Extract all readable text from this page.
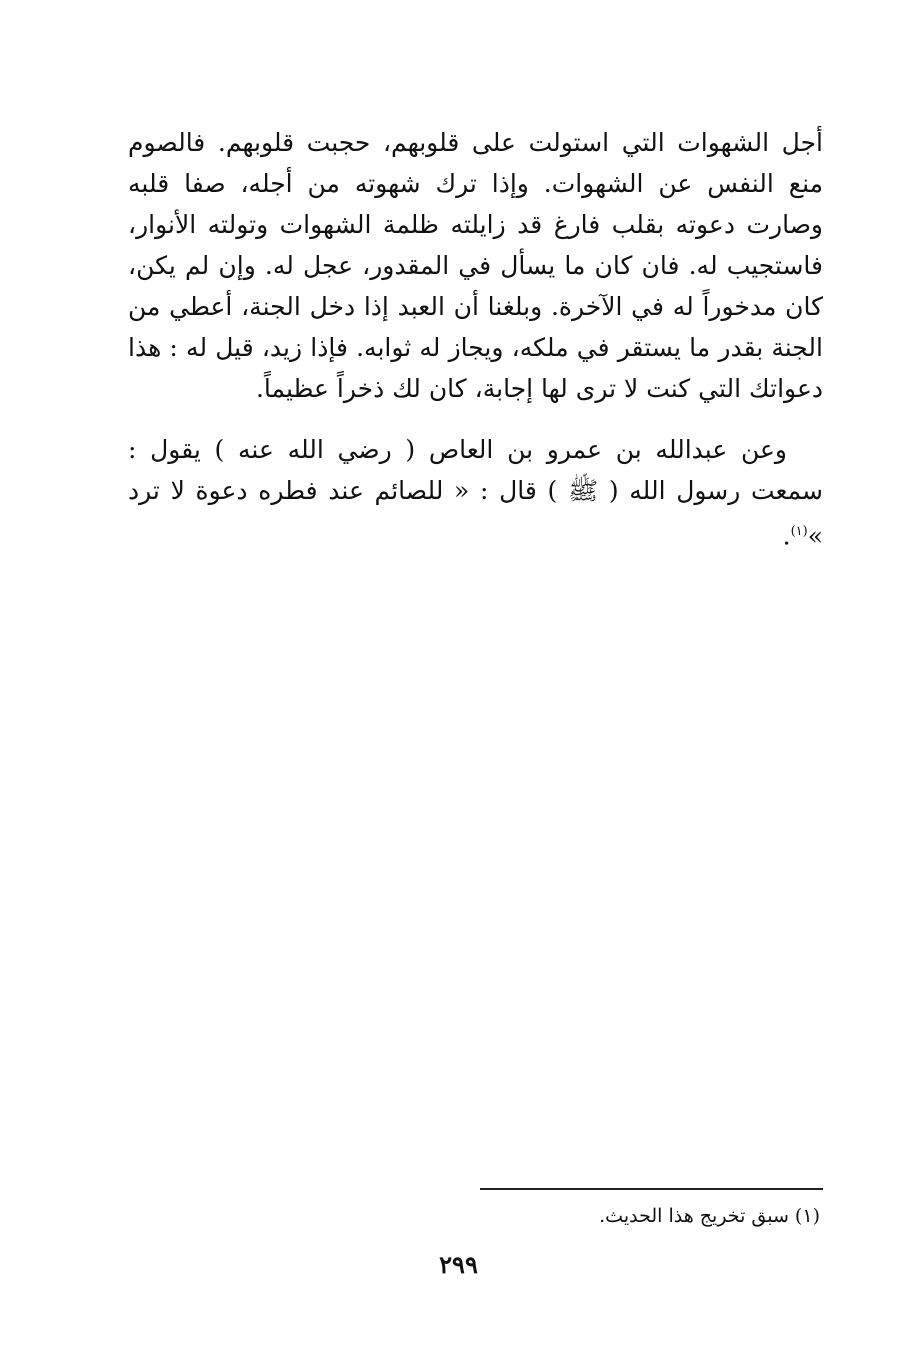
أجل الشهوات التي استولت على قلوبهم، حجبت قلوبهم. فالصوم منع النفس عن الشهوات. وإذا ترك شهوته من أجله، صفا قلبه وصارت دعوته بقلب فارغ قد زايلته ظلمة الشهوات وتولته الأنوار، فاستجيب له. فان كان ما يسأل في المقدور، عجل له. وإن لم يكن، كان مدخوراً له في الآخرة. وبلغنا أن العبد إذا دخل الجنة، أعطي من الجنة بقدر ما يستقر في ملكه، ويجاز له ثوابه. فإذا زيد، قيل له : هذا دعواتك التي كنت لا ترى لها إجابة، كان لك ذخراً عظيماً.

وعن عبدالله بن عمرو بن العاص ( رضي الله عنه ) يقول : سمعت رسول الله ( ﷺ ) قال : « للصائم عند فطره دعوة لا ترد »$^{(١)}$.

(١) سبق تخريج هذا الحديث.
٢٩٩
